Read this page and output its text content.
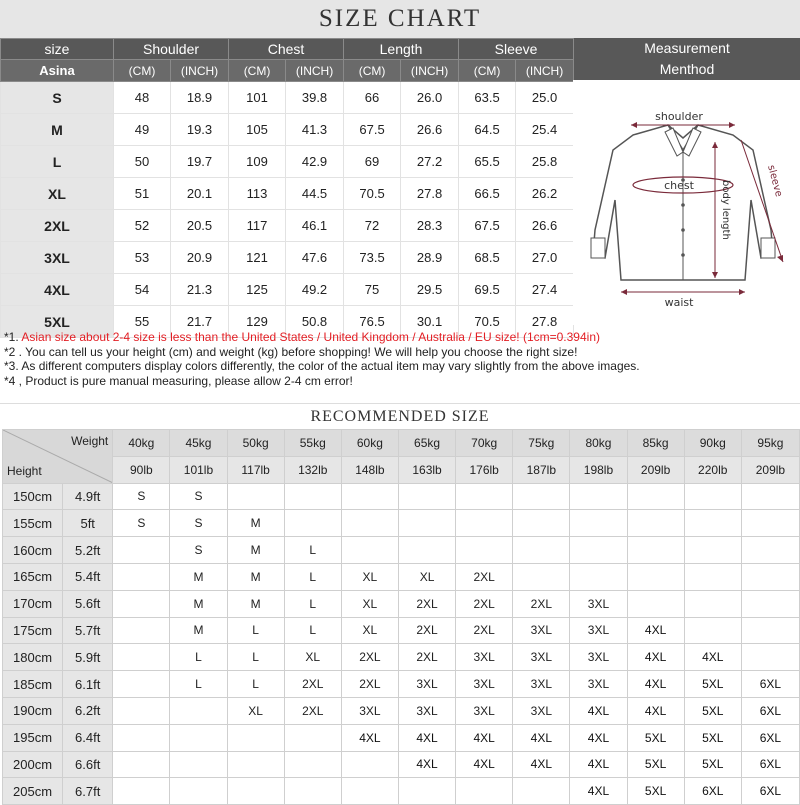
SIZE CHART
size	Shoulder		Chest		Length		Sleeve	
Asina	(CM)	(INCH)	(CM)	(INCH)	(CM)	(INCH)	(CM)	(INCH)
S	48	18.9	101	39.8	66	26.0	63.5	25.0
M	49	19.3	105	41.3	67.5	26.6	64.5	25.4
L	50	19.7	109	42.9	69	27.2	65.5	25.8
XL	51	20.1	113	44.5	70.5	27.8	66.5	26.2
2XL	52	20.5	117	46.1	72	28.3	67.5	26.6
3XL	53	20.9	121	47.6	73.5	28.9	68.5	27.0
4XL	54	21.3	125	49.2	75	29.5	69.5	27.4
5XL	55	21.7	129	50.8	76.5	30.1	70.5	27.8
Measurement
Menthod
shoulder
chest	body length	sleeve
waist
*1. Asian size about 2-4 size is less than the United States / United Kingdom / Australia / EU size! (1cm=0.394in)
*2 . You can tell us your height (cm) and weight (kg) before shopping! We will help you choose the right size!
*3. As different computers display colors differently, the color of the actual item may vary slightly from the above images.
*4 , Product is pure manual measuring, please allow 2-4 cm error!
RECOMMENDED SIZE
Weight
Height		40kg	45kg	50kg	55kg	60kg	65kg	70kg	75kg	80kg	85kg	90kg	95kg
		90lb	101lb	117lb	132lb	148lb	163lb	176lb	187lb	198lb	209lb	220lb	209lb
150cm	4.9ft	S	S										
155cm	5ft	S	S	M									
160cm	5.2ft		S	M	L								
165cm	5.4ft		M	M	L	XL	XL	2XL					
170cm	5.6ft		M	M	L	XL	2XL	2XL	2XL	3XL			
175cm	5.7ft		M	L	L	XL	2XL	2XL	3XL	3XL	4XL		
180cm	5.9ft		L	L	XL	2XL	2XL	3XL	3XL	3XL	4XL	4XL	
185cm	6.1ft		L	L	2XL	2XL	3XL	3XL	3XL	3XL	4XL	5XL	6XL
190cm	6.2ft			XL	2XL	3XL	3XL	3XL	3XL	4XL	4XL	5XL	6XL
195cm	6.4ft					4XL	4XL	4XL	4XL	4XL	5XL	5XL	6XL
200cm	6.6ft						4XL	4XL	4XL	4XL	5XL	5XL	6XL
205cm	6.7ft									4XL	5XL	6XL	6XL
